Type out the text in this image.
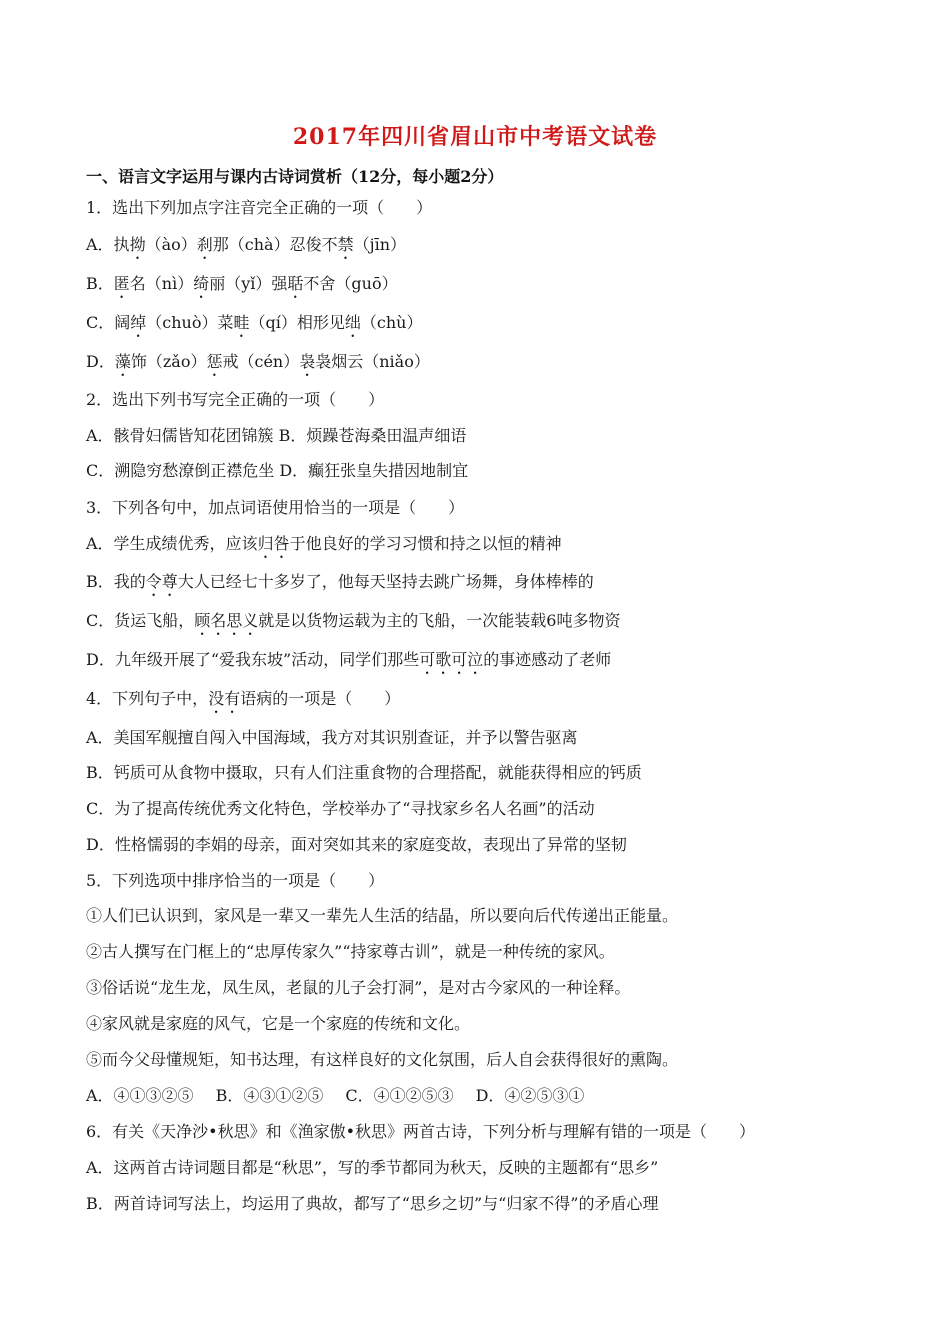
2017年四川省眉山市中考语文试卷
一、语言文字运用与课内古诗词赏析（12分，每小题2分）
1．选出下列加点字注音完全正确的一项（　　）
A．执拗（ào）刹那（chà）忍俊不禁（jīn）
B．匿名（nì）绮丽（yǐ）强聒不舍（guō）
C．阔绰（chuò）菜畦（qí）相形见绌（chù）
D．藻饰（zǎo）惩戒（cén）袅袅烟云（niǎo）
2．选出下列书写完全正确的一项（　　）
A．骸骨妇儒皆知花团锦簇 B．烦躁苍海桑田温声细语
C．溯隐穷愁潦倒正襟危坐 D．癫狂张皇失措因地制宜
3．下列各句中，加点词语使用恰当的一项是（　　）
A．学生成绩优秀，应该归咎于他良好的学习习惯和持之以恒的精神
B．我的令尊大人已经七十多岁了，他每天坚持去跳广场舞，身体棒棒的
C．货运飞船，顾名思义就是以货物运载为主的飞船，一次能装载6吨多物资
D．九年级开展了“爱我东坡”活动，同学们那些可歌可泣的事迹感动了老师
4．下列句子中，没有语病的一项是（　　）
A．美国军舰擅自闯入中国海域，我方对其识别查证，并予以警告驱离
B．钙质可从食物中摄取，只有人们注重食物的合理搭配，就能获得相应的钙质
C．为了提高传统优秀文化特色，学校举办了“寻找家乡名人名画”的活动
D．性格懦弱的李娟的母亲，面对突如其来的家庭变故，表现出了异常的坚韧
5．下列选项中排序恰当的一项是（　　）
①人们已认识到，家风是一辈又一辈先人生活的结晶，所以要向后代传递出正能量。
②古人撰写在门框上的“忠厚传家久”“持家尊古训”，就是一种传统的家风。
③俗话说“龙生龙，凤生凤，老鼠的儿子会打洞”，是对古今家风的一种诠释。
④家风就是家庭的风气，它是一个家庭的传统和文化。
⑤而今父母懂规矩，知书达理，有这样良好的文化氛围，后人自会获得很好的熏陶。
A．④①③②⑤ B．④③①②⑤ C．④①②⑤③ D．④②⑤③①
6．有关《天净沙•秋思》和《渔家傲•秋思》两首古诗，下列分析与理解有错的一项是（　　）
A．这两首古诗词题目都是“秋思”，写的季节都同为秋天，反映的主题都有“思乡”
B．两首诗词写法上，均运用了典故，都写了“思乡之切”与“归家不得”的矛盾心理
